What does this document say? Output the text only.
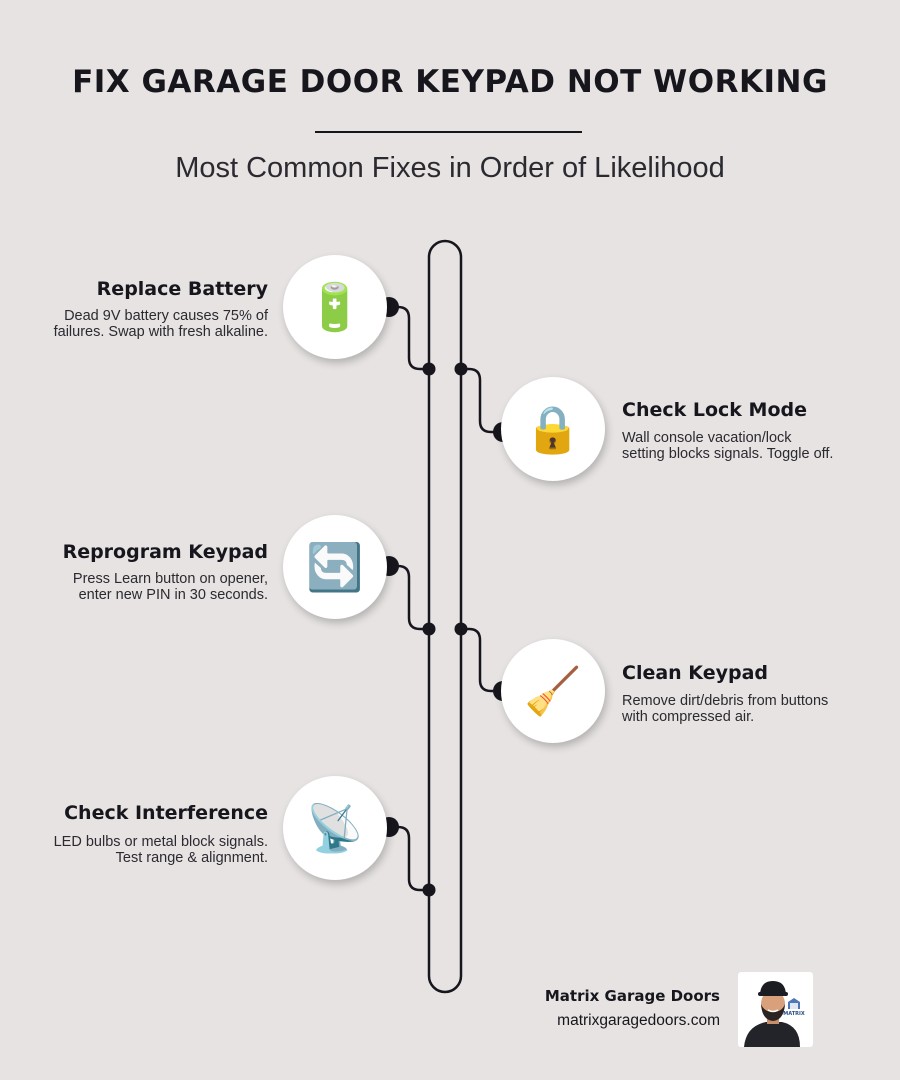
FIX GARAGE DOOR KEYPAD NOT WORKING
Most Common Fixes in Order of Likelihood
🔋
Replace Battery
Dead 9V battery causes 75% of failures. Swap with fresh alkaline.
🔒 Check Lock Mode
Wall console vacation/lock setting blocks signals. Toggle off.
🔄
Reprogram Keypad
Press Learn button on opener, enter new PIN in 30 seconds.
🧹 Clean Keypad
Remove dirt/debris from buttons with compressed air.
📡
Check Interference
LED bulbs or metal block signals. Test range & alignment.
Matrix Garage Doors
matrixgaragedoors.com	MATRIX
